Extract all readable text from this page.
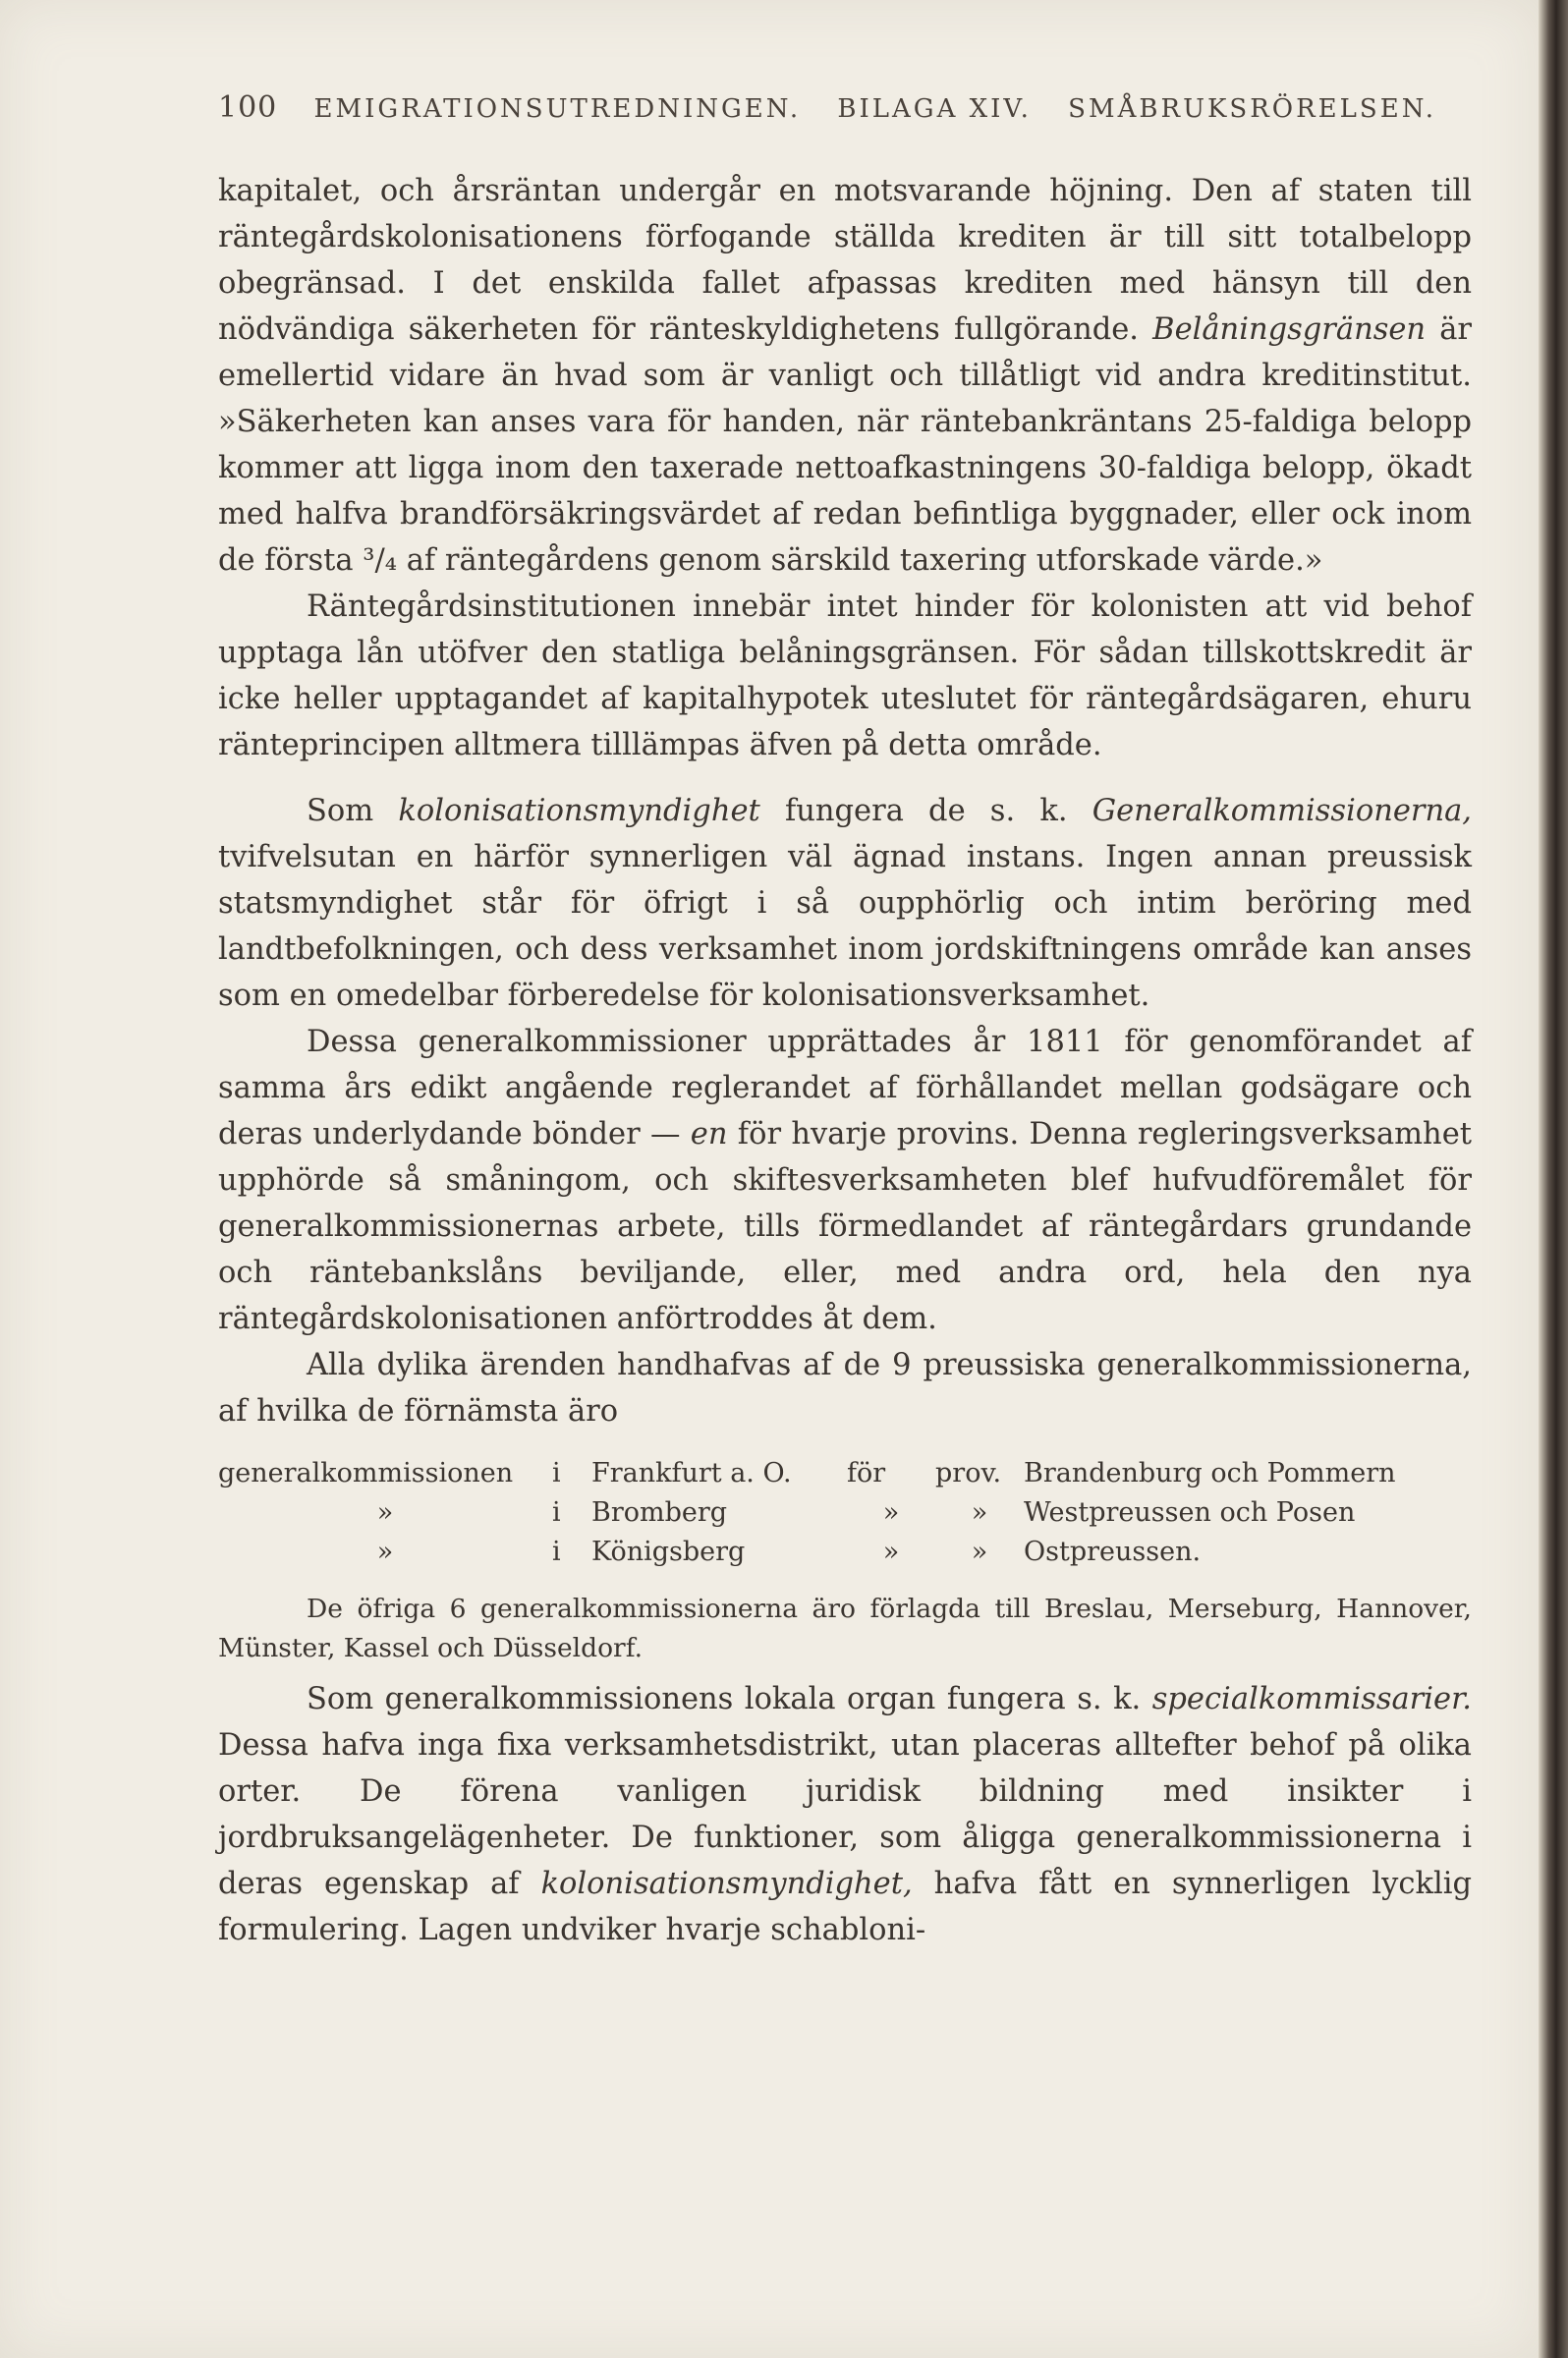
100 EMIGRATIONSUTREDNINGEN. BILAGA XIV. SMÅBRUKSRÖRELSEN.

kapitalet, och årsräntan undergår en motsvarande höjning. Den af staten till räntegårdskolonisationens förfogande ställda krediten är till sitt totalbelopp obegränsad. I det enskilda fallet afpassas krediten med hänsyn till den nödvändiga säkerheten för ränteskyldighetens fullgörande. Belåningsgränsen är emellertid vidare än hvad som är vanligt och tillåtligt vid andra kreditinstitut. »Säkerheten kan anses vara för handen, när räntebankräntans 25-faldiga belopp kommer att ligga inom den taxerade nettoafkastningens 30-faldiga belopp, ökadt med halfva brandförsäkringsvärdet af redan befintliga byggnader, eller ock inom de första ³/₄ af räntegårdens genom särskild taxering utforskade värde.»

Räntegårdsinstitutionen innebär intet hinder för kolonisten att vid behof upptaga lån utöfver den statliga belåningsgränsen. För sådan tillskottskredit är icke heller upptagandet af kapitalhypotek uteslutet för räntegårdsägaren, ehuru ränteprincipen alltmera tilllämpas äfven på detta område.

Som kolonisationsmyndighet fungera de s. k. Generalkommissionerna, tvifvelsutan en härför synnerligen väl ägnad instans. Ingen annan preussisk statsmyndighet står för öfrigt i så oupphörlig och intim beröring med landtbefolkningen, och dess verksamhet inom jordskiftningens område kan anses som en omedelbar förberedelse för kolonisationsverksamhet.

Dessa generalkommissioner upprättades år 1811 för genomförandet af samma års edikt angående reglerandet af förhållandet mellan godsägare och deras underlydande bönder — en för hvarje provins. Denna regleringsverksamhet upphörde så småningom, och skiftesverksamheten blef hufvudföremålet för generalkommissionernas arbete, tills förmedlandet af räntegårdars grundande och räntebankslåns beviljande, eller, med andra ord, hela den nya räntegårdskolonisationen anförtroddes åt dem.

Alla dylika ärenden handhafvas af de 9 preussiska generalkommissionerna, af hvilka de förnämsta äro

generalkommissionen	i	Frankfurt a. O.	för	prov.	Brandenburg och Pommern
»	i	Bromberg	»	»	Westpreussen och Posen
»	i	Königsberg	»	»	Ostpreussen.

De öfriga 6 generalkommissionerna äro förlagda till Breslau, Merseburg, Hannover, Münster, Kassel och Düsseldorf.

Som generalkommissionens lokala organ fungera s. k. specialkommissarier. Dessa hafva inga fixa verksamhetsdistrikt, utan placeras alltefter behof på olika orter. De förena vanligen juridisk bildning med insikter i jordbruksangelägenheter. De funktioner, som åligga generalkommissionerna i deras egenskap af kolonisationsmyndighet, hafva fått en synnerligen lycklig formulering. Lagen undviker hvarje schabloni-
